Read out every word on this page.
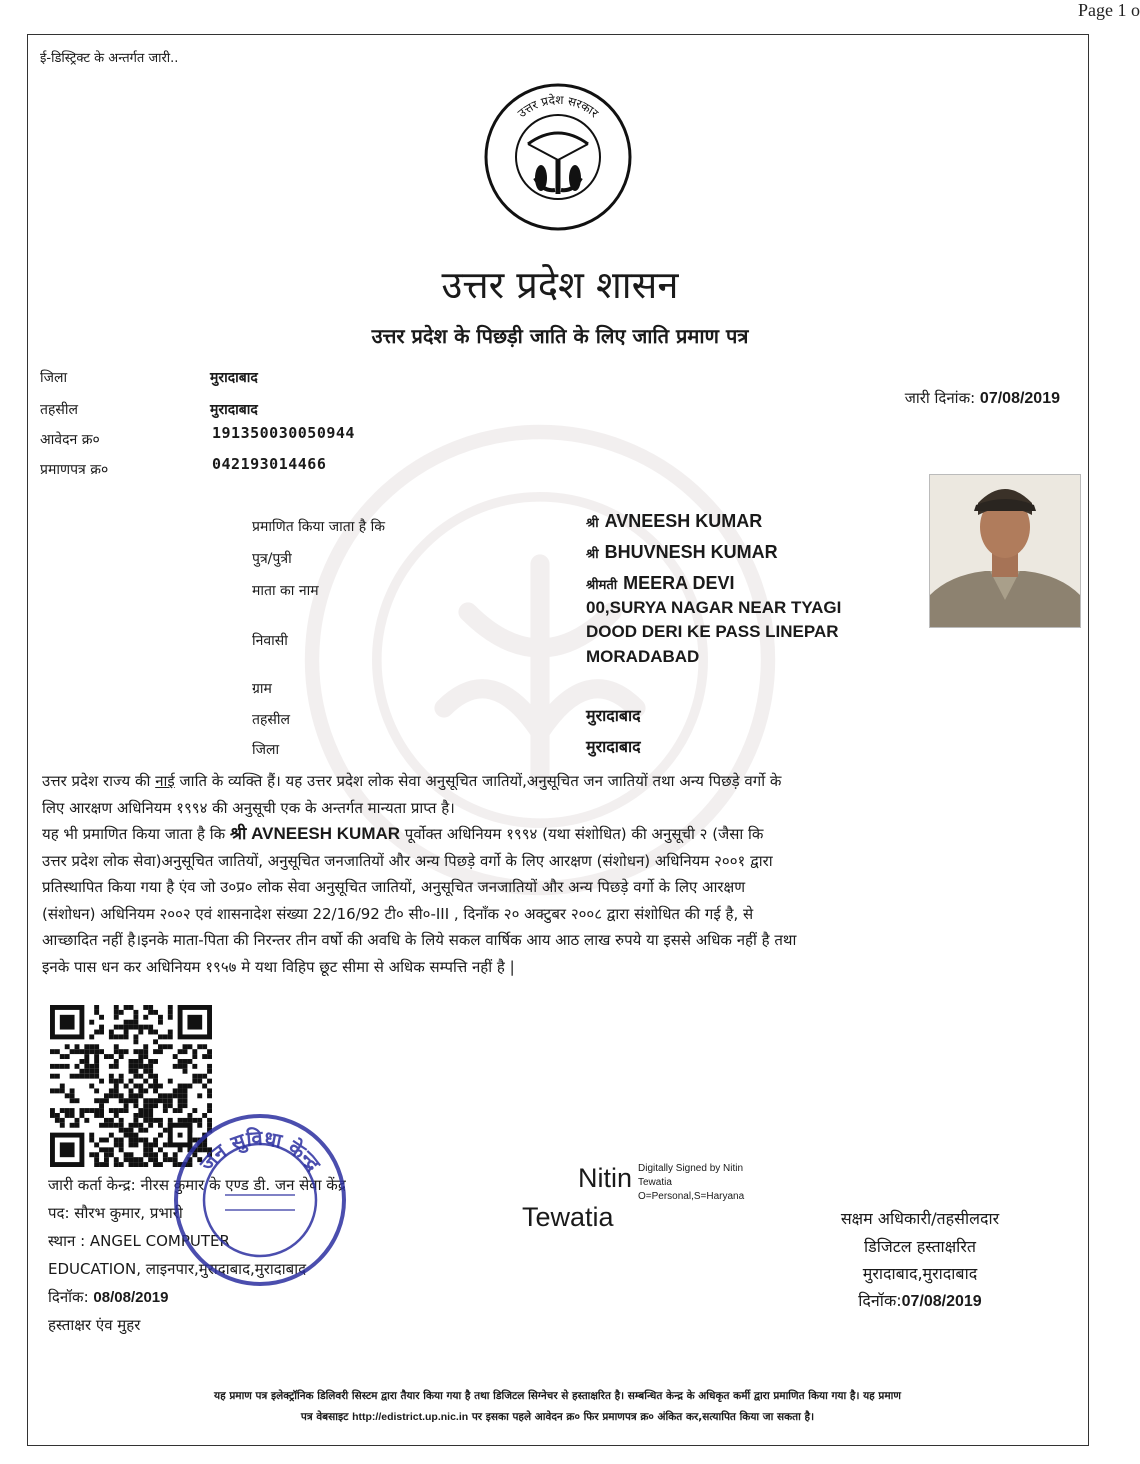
Page 1 o
ई-डिस्ट्रिक्ट के अन्तर्गत जारी..
उत्तर प्रदेश सरकार
उत्तर प्रदेश शासन
उत्तर प्रदेश के पिछड़ी जाति के लिए जाति प्रमाण पत्र
जिला	मुरादाबाद
तहसील	मुरादाबाद
आवेदन क्र०	191350030050944
प्रमाणपत्र क्र०	042193014466
जारी दिनांक: 07/08/2019
प्रमाणित किया जाता है कि	श्री AVNEESH KUMAR
पुत्र/पुत्री	श्री BHUVNESH KUMAR
माता का नाम	श्रीमती MEERA DEVI
00,SURYA NAGAR NEAR TYAGI
निवासी	DOOD DERI KE PASS LINEPAR
MORADABAD
ग्राम
तहसील	मुरादाबाद
जिला	मुरादाबाद

उत्तर प्रदेश राज्य की नाई जाति के व्यक्ति हैं। यह उत्तर प्रदेश लोक सेवा अनुसूचित जातियों,अनुसूचित जन जातियों तथा अन्य पिछड़े वर्गो के

लिए आरक्षण अधिनियम १९९४ की अनुसूची एक के अन्तर्गत मान्यता प्राप्त है।

यह भी प्रमाणित किया जाता है कि श्री AVNEESH KUMAR पूर्वोक्त अधिनियम १९९४ (यथा संशोधित) की अनुसूची २ (जैसा कि

उत्तर प्रदेश लोक सेवा)अनुसूचित जातियों, अनुसूचित जनजातियों और अन्य पिछड़े वर्गो के लिए आरक्षण (संशोधन) अधिनियम २००१ द्वारा

प्रतिस्थापित किया गया है एंव जो उ०प्र० लोक सेवा अनुसूचित जातियों, अनुसूचित जनजातियों और अन्य पिछड़े वर्गो के लिए आरक्षण

(संशोधन) अधिनियम २००२ एवं शासनादेश संख्या 22/16/92 टी० सी०-III , दिनाँक २० अक्टुबर २००८ द्वारा संशोधित की गई है, से

आच्छादित नहीं है।इनके माता-पिता की निरन्तर तीन वर्षो की अवधि के लिये सकल वार्षिक आय आठ लाख रुपये या इससे अधिक नहीं है तथा

इनके पास धन कर अधिनियम १९५७ मे यथा विहिप छूट सीमा से अधिक सम्पत्ति नहीं है |

जारी कर्ता केन्द्र: नीरस कुमार के एण्ड डी. जन सेवा केंद्र
पद: सौरभ कुमार, प्रभारी
स्थान : ANGEL COMPUTER
EDUCATION, लाइनपार,मुरादाबाद,मुरादाबाद
दिनॉक: 08/08/2019
हस्ताक्षर एंव मुहर
जन सुविधा केन्द्र	Nitin
Tewatia
Digitally Signed by Nitin
Tewatia
O=Personal,S=Haryana
सक्षम अधिकारी/तहसीलदार
डिजिटल हस्ताक्षरित
मुरादाबाद,मुरादाबाद
दिनॉक:07/08/2019
यह प्रमाण पत्र इलेक्ट्रॉनिक डिलिवरी सिस्टम द्वारा तैयार किया गया है तथा डिजिटल सिग्नेचर से हस्ताक्षरित है। सम्बन्धित केन्द्र के अधिकृत कर्मी द्वारा प्रमाणित किया गया है। यह प्रमाण
पत्र वेबसाइट http://edistrict.up.nic.in पर इसका पहले आवेदन क्र० फिर प्रमाणपत्र क्र० अंकित कर,सत्यापित किया जा सकता है।
